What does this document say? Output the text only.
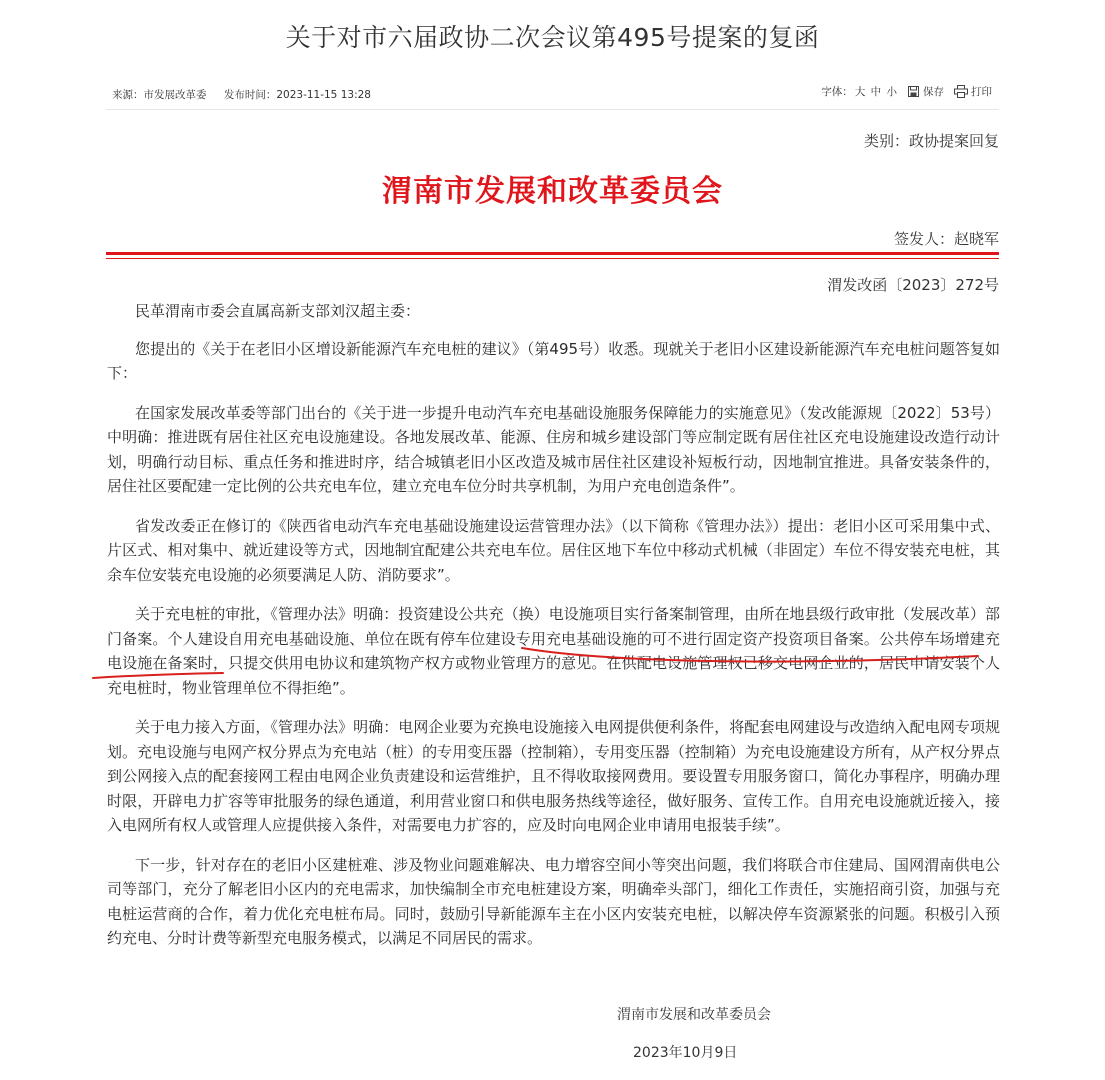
关于对市六届政协二次会议第495号提案的复函
来源：市发展改革委 发布时间：2023-11-15 13:28	字体： 大 中 小 保存	打印
类别：政协提案回复
渭南市发展和改革委员会
签发人：赵晓军
渭发改函〔2023〕272号

民革渭南市委会直属高新支部刘汉超主委：

您提出的《关于在老旧小区增设新能源汽车充电桩的建议》（第495号）收悉。现就关于老旧小区建设新能源汽车充电桩问题答复如下：

在国家发展改革委等部门出台的《关于进一步提升电动汽车充电基础设施服务保障能力的实施意见》（发改能源规〔2022〕53号）中明确：推进既有居住社区充电设施建设。各地发展改革、能源、住房和城乡建设部门等应制定既有居住社区充电设施建设改造行动计划，明确行动目标、重点任务和推进时序，结合城镇老旧小区改造及城市居住社区建设补短板行动，因地制宜推进。具备安装条件的，居住社区要配建一定比例的公共充电车位，建立充电车位分时共享机制，为用户充电创造条件”。

省发改委正在修订的《陕西省电动汽车充电基础设施建设运营管理办法》（以下简称《管理办法》）提出：老旧小区可采用集中式、片区式、相对集中、就近建设等方式，因地制宜配建公共充电车位。居住区地下车位中移动式机械（非固定）车位不得安装充电桩，其余车位安装充电设施的必须要满足人防、消防要求”。

关于充电桩的审批，《管理办法》明确：投资建设公共充（换）电设施项目实行备案制管理，由所在地县级行政审批（发展改革）部门备案。个人建设自用充电基础设施、单位在既有停车位建设专用充电基础设施的可不进行固定资产投资项目备案。公共停车场增建充电设施在备案时，只提交供用电协议和建筑物产权方或物业管理方的意见。在供配电设施管理权已移交电网企业的，居民申请安装个人充电桩时，物业管理单位不得拒绝”。

关于电力接入方面，《管理办法》明确：电网企业要为充换电设施接入电网提供便利条件，将配套电网建设与改造纳入配电网专项规划。充电设施与电网产权分界点为充电站（桩）的专用变压器（控制箱），专用变压器（控制箱）为充电设施建设方所有，从产权分界点到公网接入点的配套接网工程由电网企业负责建设和运营维护，且不得收取接网费用。要设置专用服务窗口，简化办事程序，明确办理时限，开辟电力扩容等审批服务的绿色通道，利用营业窗口和供电服务热线等途径，做好服务、宣传工作。自用充电设施就近接入，接入电网所有权人或管理人应提供接入条件，对需要电力扩容的，应及时向电网企业申请用电报装手续”。

下一步，针对存在的老旧小区建桩难、涉及物业问题难解决、电力增容空间小等突出问题，我们将联合市住建局、国网渭南供电公司等部门，充分了解老旧小区内的充电需求，加快编制全市充电桩建设方案，明确牵头部门，细化工作责任，实施招商引资，加强与充电桩运营商的合作，着力优化充电桩布局。同时，鼓励引导新能源车主在小区内安装充电桩，以解决停车资源紧张的问题。积极引入预约充电、分时计费等新型充电服务模式，以满足不同居民的需求。

渭南市发展和改革委员会
2023年10月9日
